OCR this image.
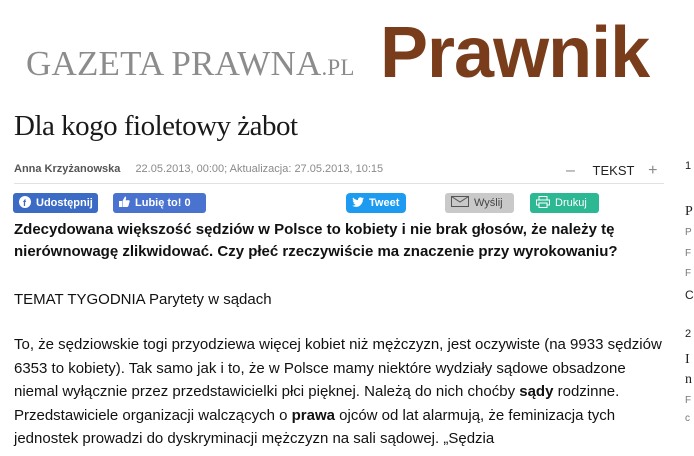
GAZETA PRAWNA.PL Prawnik
Dla kogo fioletowy żabot
Anna Krzyżanowska 22.05.2013, 00:00; Aktualizacja: 27.05.2013, 10:15	– TEKST +
f Udostępnij	Lubię to! 0	Tweet	Wyślij	Drukuj

Zdecydowana większość sędziów w Polsce to kobiety i nie brak głosów, że należy tę nierównowagę zlikwidować. Czy płeć rzeczywiście ma znaczenie przy wyrokowaniu?

TEMAT TYGODNIA Parytety w sądach

To, że sędziowskie togi przyodziewa więcej kobiet niż mężczyzn, jest oczywiste (na 9933 sędziów 6353 to kobiety). Tak samo jak i to, że w Polsce mamy niektóre wydziały sądowe obsadzone niemal wyłącznie przez przedstawicielki płci pięknej. Należą do nich choćby sądy rodzinne. Przedstawiciele organizacji walczących o prawa ojców od lat alarmują, że feminizacja tych jednostek prowadzi do dyskryminacji mężczyzn na sali sądowej. „Sędzia

1
P
P
F
F
C
2
I
n
F
c
